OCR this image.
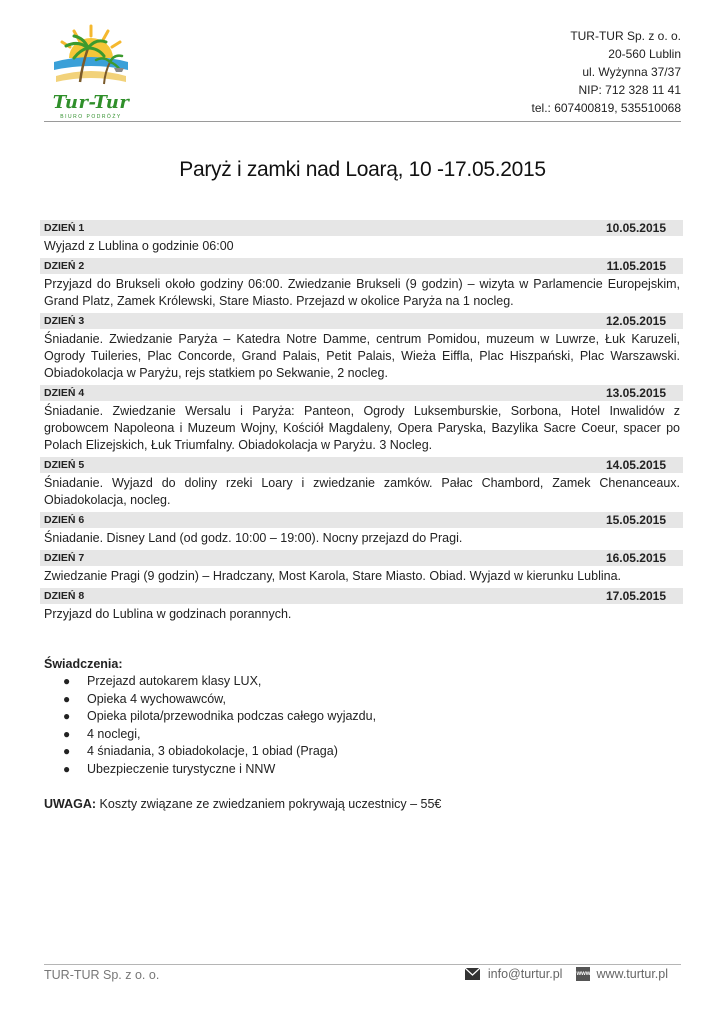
Tur-Tur
BIURO PODRÓŻY
TUR-TUR Sp. z o. o.
20-560 Lublin
ul. Wyżynna 37/37
NIP: 712 328 11 41
tel.: 607400819, 535510068
Paryż i zamki nad Loarą, 10 -17.05.2015
DZIEŃ 1	10.05.2015
Wyjazd z Lublina o godzinie 06:00
DZIEŃ 2	11.05.2015
Przyjazd do Brukseli około godziny 06:00. Zwiedzanie Brukseli (9 godzin) – wizyta w Parlamencie Europejskim, Grand Platz, Zamek Królewski, Stare Miasto. Przejazd w okolice Paryża na 1 nocleg.
DZIEŃ 3	12.05.2015
Śniadanie. Zwiedzanie Paryża – Katedra Notre Damme, centrum Pomidou, muzeum w Luwrze, Łuk Karuzeli, Ogrody Tuileries, Plac Concorde, Grand Palais, Petit Palais, Wieża Eiffla, Plac Hiszpański, Plac Warszawski. Obiadokolacja w Paryżu, rejs statkiem po Sekwanie, 2 nocleg.
DZIEŃ 4	13.05.2015
Śniadanie. Zwiedzanie Wersalu i Paryża: Panteon, Ogrody Luksemburskie, Sorbona, Hotel Inwalidów z grobowcem Napoleona i Muzeum Wojny, Kościół Magdaleny, Opera Paryska, Bazylika Sacre Coeur, spacer po Polach Elizejskich, Łuk Triumfalny. Obiadokolacja w Paryżu. 3 Nocleg.
DZIEŃ 5	14.05.2015
Śniadanie. Wyjazd do doliny rzeki Loary i zwiedzanie zamków. Pałac Chambord, Zamek Chenanceaux. Obiadokolacja, nocleg.
DZIEŃ 6	15.05.2015
Śniadanie. Disney Land (od godz. 10:00 – 19:00). Nocny przejazd do Pragi.
DZIEŃ 7	16.05.2015
Zwiedzanie Pragi (9 godzin) – Hradczany, Most Karola, Stare Miasto. Obiad. Wyjazd w kierunku Lublina.
DZIEŃ 8	17.05.2015
Przyjazd do Lublina w godzinach porannych.
Świadczenia:
● Przejazd autokarem klasy LUX,
● Opieka 4 wychowawców,
● Opieka pilota/przewodnika podczas całego wyjazdu,
● 4 noclegi,
● 4 śniadania, 3 obiadokolacje, 1 obiad (Praga)
● Ubezpieczenie turystyczne i NNW
UWAGA: Koszty związane ze zwiedzaniem pokrywają uczestnicy – 55€
TUR-TUR Sp. z o. o.	info@turtur.pl www www.turtur.pl
